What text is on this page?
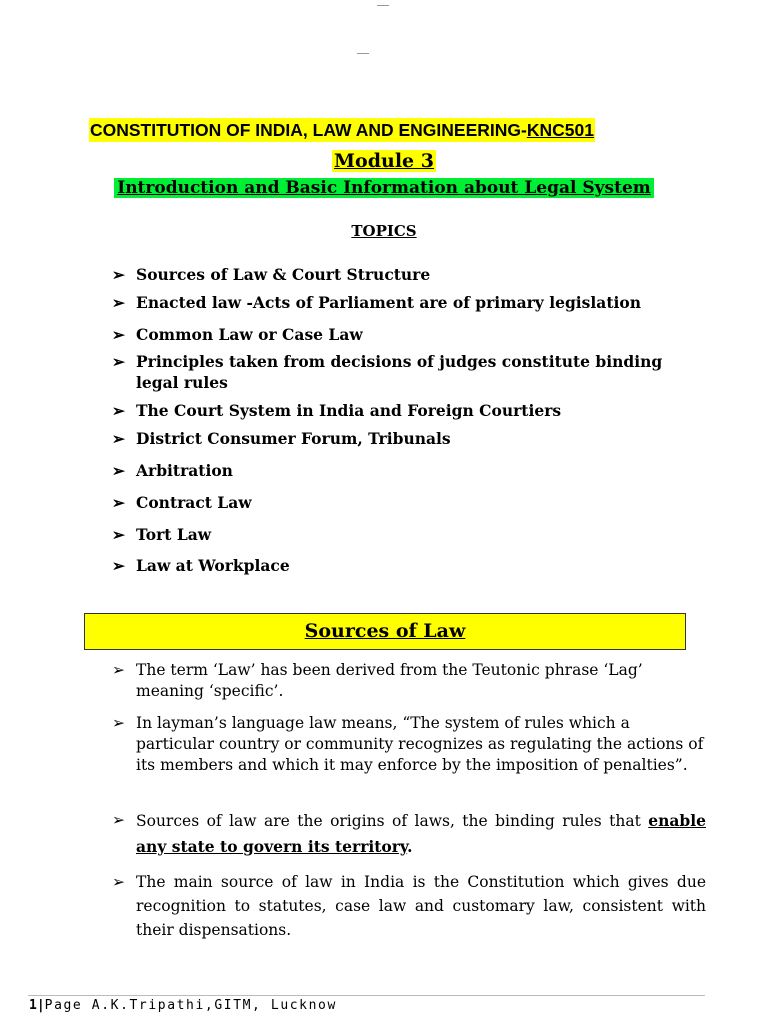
CONSTITUTION OF INDIA, LAW AND ENGINEERING-KNC501
Module 3
Introduction and Basic Information about Legal System
TOPICS
➢ Sources of Law & Court Structure
➢ Enacted law -Acts of Parliament are of primary legislation
➢ Common Law or Case Law
➢ Principles taken from decisions of judges constitute binding legal rules
➢ The Court System in India and Foreign Courtiers
➢ District Consumer Forum, Tribunals
➢ Arbitration
➢ Contract Law
➢ Tort Law
➢ Law at Workplace
Sources of Law
➢ The term ‘Law’ has been derived from the Teutonic phrase ‘Lag’ meaning ‘specific’.
➢ In layman’s language law means, “The system of rules which a particular country or community recognizes as regulating the actions of its members and which it may enforce by the imposition of penalties”.
➢ Sources of law are the origins of laws, the binding rules that enable any state to govern its territory.
➢ The main source of law in India is the Constitution which gives due recognition to statutes, case law and customary law, consistent with their dispensations.
1|Page A.K.Tripathi,GITM, Lucknow
